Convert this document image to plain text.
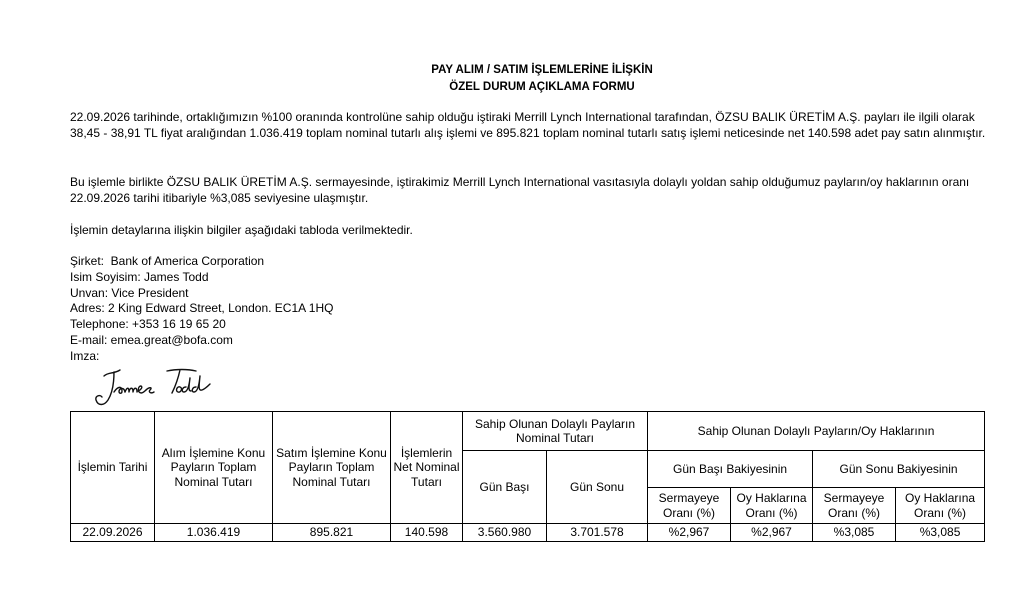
PAY ALIM / SATIM İŞLEMLERİNE İLİŞKİN
ÖZEL DURUM AÇIKLAMA FORMU
22.09.2026 tarihinde, ortaklığımızın %100 oranında kontrolüne sahip olduğu iştiraki Merrill Lynch International tarafından, ÖZSU BALIK ÜRETİM A.Ş. payları ile ilgili olarak 38,45 - 38,91 TL fiyat aralığından 1.036.419 toplam nominal tutarlı alış işlemi ve 895.821 toplam nominal tutarlı satış işlemi neticesinde net 140.598 adet pay satın alınmıştır.
Bu işlemle birlikte ÖZSU BALIK ÜRETİM A.Ş. sermayesinde, iştirakimiz Merrill Lynch International vasıtasıyla dolaylı yoldan sahip olduğumuz payların/oy haklarının oranı 22.09.2026 tarihi itibariyle %3,085 seviyesine ulaşmıştır.
İşlemin detaylarına ilişkin bilgiler aşağıdaki tabloda verilmektedir.
Şirket:  Bank of America Corporation
Isim Soyisim: James Todd
Unvan: Vice President
Adres: 2 King Edward Street, London. EC1A 1HQ
Telephone: +353 16 19 65 20
E-mail: emea.great@bofa.com
Imza:
İşlemin Tarihi	Alım İşlemine Konu Payların Toplam Nominal Tutarı	Satım İşlemine Konu Payların Toplam Nominal Tutarı	İşlemlerin Net Nominal Tutarı	Sahip Olunan Dolaylı Payların Nominal Tutarı		Sahip Olunan Dolaylı Payların/Oy Haklarının			
				Gün Başı	Gün Sonu	Gün Başı Bakiyesinin		Gün Sonu Bakiyesinin	
						Sermayeye Oranı (%)	Oy Haklarına Oranı (%)	Sermayeye Oranı (%)	Oy Haklarına Oranı (%)
22.09.2026	1.036.419	895.821	140.598	3.560.980	3.701.578	%2,967	%2,967	%3,085	%3,085
